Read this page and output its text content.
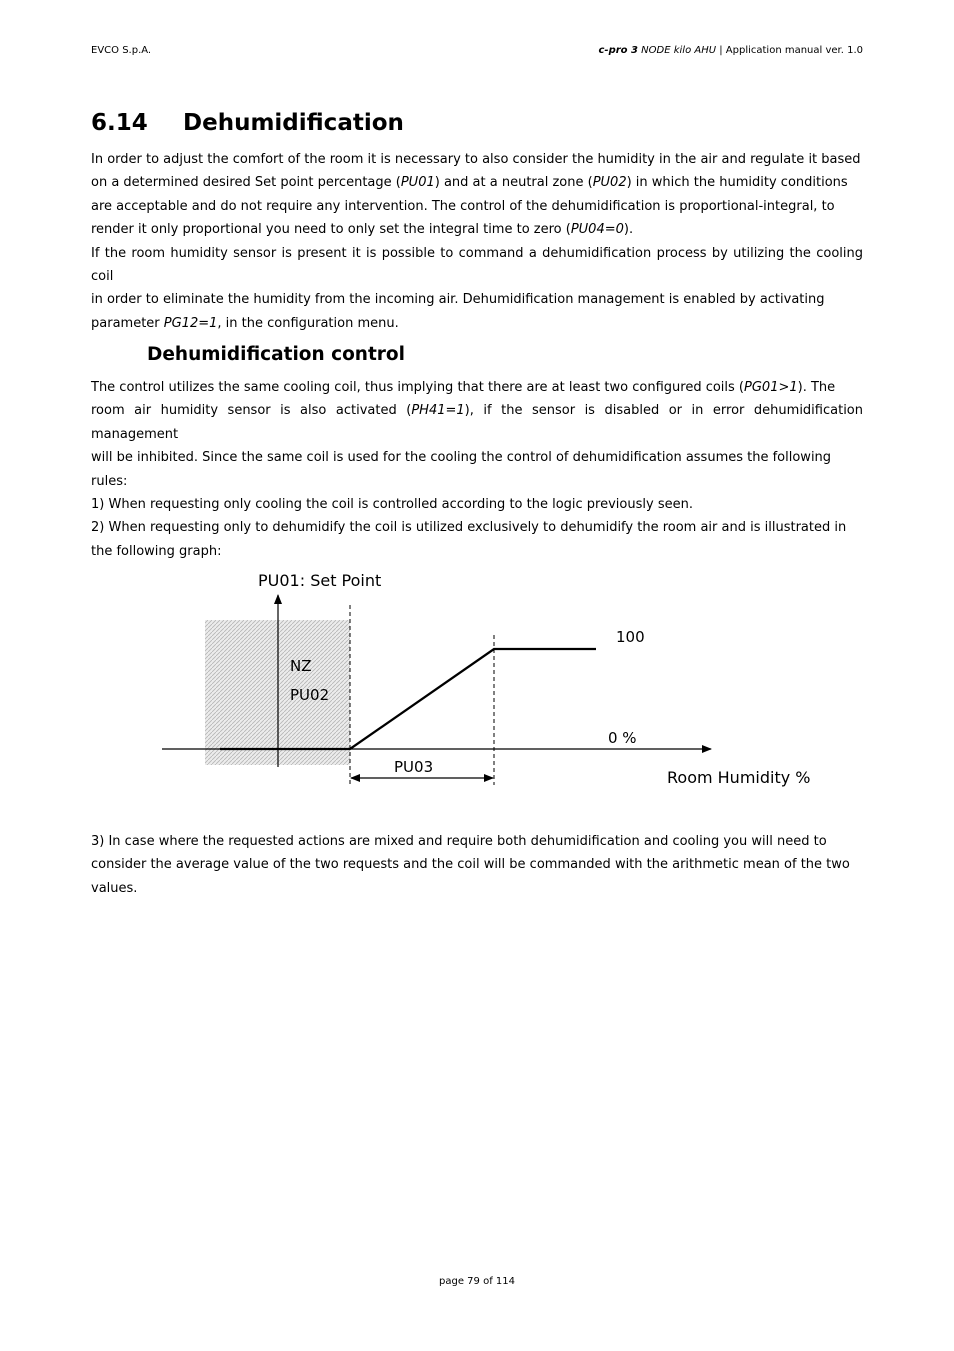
EVCO S.p.A.	c-pro 3 NODE kilo AHU | Application manual ver. 1.0
6.14 Dehumidification
In order to adjust the comfort of the room it is necessary to also consider the humidity in the air and regulate it based
on a determined desired Set point percentage (PU01) and at a neutral zone (PU02) in which the humidity conditions
are acceptable and do not require any intervention. The control of the dehumidification is proportional-integral, to
render it only proportional you need to only set the integral time to zero (PU04=0).
If the room humidity sensor is present it is possible to command a dehumidification process by utilizing the cooling coil
in order to eliminate the humidity from the incoming air. Dehumidification management is enabled by activating
parameter PG12=1, in the configuration menu.
Dehumidification control
The control utilizes the same cooling coil, thus implying that there are at least two configured coils (PG01>1). The
room air humidity sensor is also activated (PH41=1), if the sensor is disabled or in error dehumidification management
will be inhibited. Since the same coil is used for the cooling the control of dehumidification assumes the following
rules:
1) When requesting only cooling the coil is controlled according to the logic previously seen.
2) When requesting only to dehumidify the coil is utilized exclusively to dehumidify the room air and is illustrated in
the following graph:
PU01: Set Point
NZ
PU02
100
0 %
PU03
Room Humidity %
3) In case where the requested actions are mixed and require both dehumidification and cooling you will need to
consider the average value of the two requests and the coil will be commanded with the arithmetic mean of the two
values.
page 79 of 114
